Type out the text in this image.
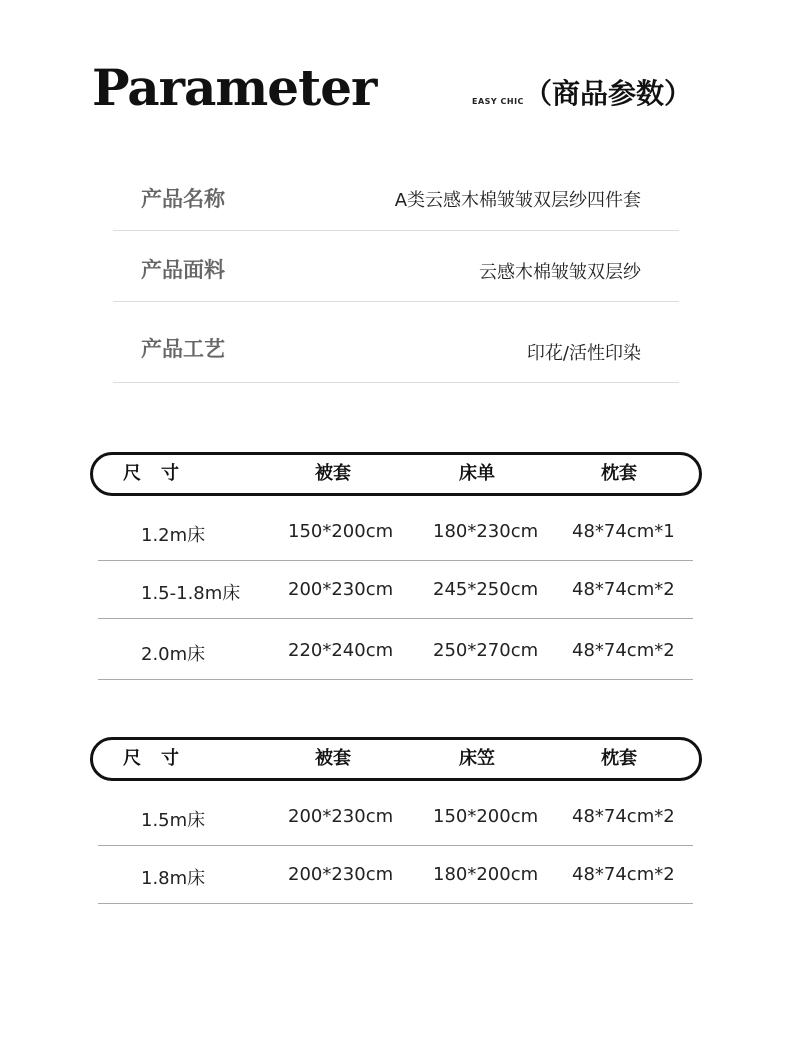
Parameter	EASY CHIC （商品参数）
产品名称	A类云感木棉皱皱双层纱四件套
产品面料	云感木棉皱皱双层纱
产品工艺	印花/活性印染
尺寸	被套	床单	枕套
1.2m床	150*200cm 180*230cm 48*74cm*1
1.5-1.8m床	200*230cm 245*250cm 48*74cm*2
2.0m床	220*240cm 250*270cm 48*74cm*2
尺寸	被套	床笠	枕套
1.5m床	200*230cm 150*200cm 48*74cm*2
1.8m床	200*230cm 180*200cm 48*74cm*2
